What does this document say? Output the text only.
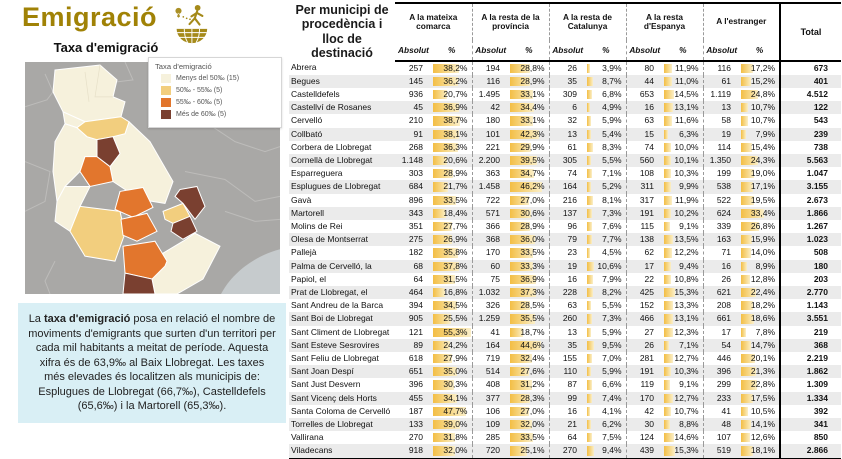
Emigració
Taxa d'emigració
Taxa d'emigració
Menys del 50‰ (15)
50‰ - 55‰ (5)
55‰ - 60‰ (5)
Més de 60‰ (5)
La taxa d'emigració posa en relació el nombre de moviments d'emigrants que surten d'un territori per cada mil habitants a meitat de període. Aquesta xifra és de 63,9‰ al Baix Llobregat. Les taxes més elevades és localitzen als municipis de: Esplugues de Llobregat (66,7‰), Castelldefels (65,6‰) i la Martorell (65,3‰).
Per municipi de procedència i lloc de destinació	A la mateixa comarca		A la resta de la província		A la resta de Catalunya		A la resta d'Espanya		A l'estranger		Total
	Absolut	%	Absolut	%	Absolut	%	Absolut	%	Absolut	%	
Abrera	257	38,2%	194	28,8%	26	3,9%	80	11,9%	116	17,2%	673
Begues	145	36,2%	116	28,9%	35	8,7%	44	11,0%	61	15,2%	401
Castelldefels	936	20,7%	1.495	33,1%	309	6,8%	653	14,5%	1.119	24,8%	4.512
Castellví de Rosanes	45	36,9%	42	34,4%	6	4,9%	16	13,1%	13	10,7%	122
Cervelló	210	38,7%	180	33,1%	32	5,9%	63	11,6%	58	10,7%	543
Collbató	91	38,1%	101	42,3%	13	5,4%	15	6,3%	19	7,9%	239
Corbera de Llobregat	268	36,3%	221	29,9%	61	8,3%	74	10,0%	114	15,4%	738
Cornellà de Llobregat	1.148	20,6%	2.200	39,5%	305	5,5%	560	10,1%	1.350	24,3%	5.563
Esparreguera	303	28,9%	363	34,7%	74	7,1%	108	10,3%	199	19,0%	1.047
Esplugues de Llobregat	684	21,7%	1.458	46,2%	164	5,2%	311	9,9%	538	17,1%	3.155
Gavà	896	33,5%	722	27,0%	216	8,1%	317	11,9%	522	19,5%	2.673
Martorell	343	18,4%	571	30,6%	137	7,3%	191	10,2%	624	33,4%	1.866
Molins de Rei	351	27,7%	366	28,9%	96	7,6%	115	9,1%	339	26,8%	1.267
Olesa de Montserrat	275	26,9%	368	36,0%	79	7,7%	138	13,5%	163	15,9%	1.023
Pallejà	182	35,8%	170	33,5%	23	4,5%	62	12,2%	71	14,0%	508
Palma de Cervelló, la	68	37,8%	60	33,3%	19	10,6%	17	9,4%	16	8,9%	180
Papiol, el	64	31,5%	75	36,9%	16	7,9%	22	10,8%	26	12,8%	203
Prat de Llobregat, el	464	16,8%	1.032	37,3%	228	8,2%	425	15,3%	621	22,4%	2.770
Sant Andreu de la Barca	394	34,5%	326	28,5%	63	5,5%	152	13,3%	208	18,2%	1.143
Sant Boi de Llobregat	905	25,5%	1.259	35,5%	260	7,3%	466	13,1%	661	18,6%	3.551
Sant Climent de Llobregat	121	55,3%	41	18,7%	13	5,9%	27	12,3%	17	7,8%	219
Sant Esteve Sesrovires	89	24,2%	164	44,6%	35	9,5%	26	7,1%	54	14,7%	368
Sant Feliu de Llobregat	618	27,9%	719	32,4%	155	7,0%	281	12,7%	446	20,1%	2.219
Sant Joan Despí	651	35,0%	514	27,6%	110	5,9%	191	10,3%	396	21,3%	1.862
Sant Just Desvern	396	30,3%	408	31,2%	87	6,6%	119	9,1%	299	22,8%	1.309
Sant Vicenç dels Horts	455	34,1%	377	28,3%	99	7,4%	170	12,7%	233	17,5%	1.334
Santa Coloma de Cervelló	187	47,7%	106	27,0%	16	4,1%	42	10,7%	41	10,5%	392
Torrelles de Llobregat	133	39,0%	109	32,0%	21	6,2%	30	8,8%	48	14,1%	341
Vallirana	270	31,8%	285	33,5%	64	7,5%	124	14,6%	107	12,6%	850
Viladecans	918	32,0%	720	25,1%	270	9,4%	439	15,3%	519	18,1%	2.866
